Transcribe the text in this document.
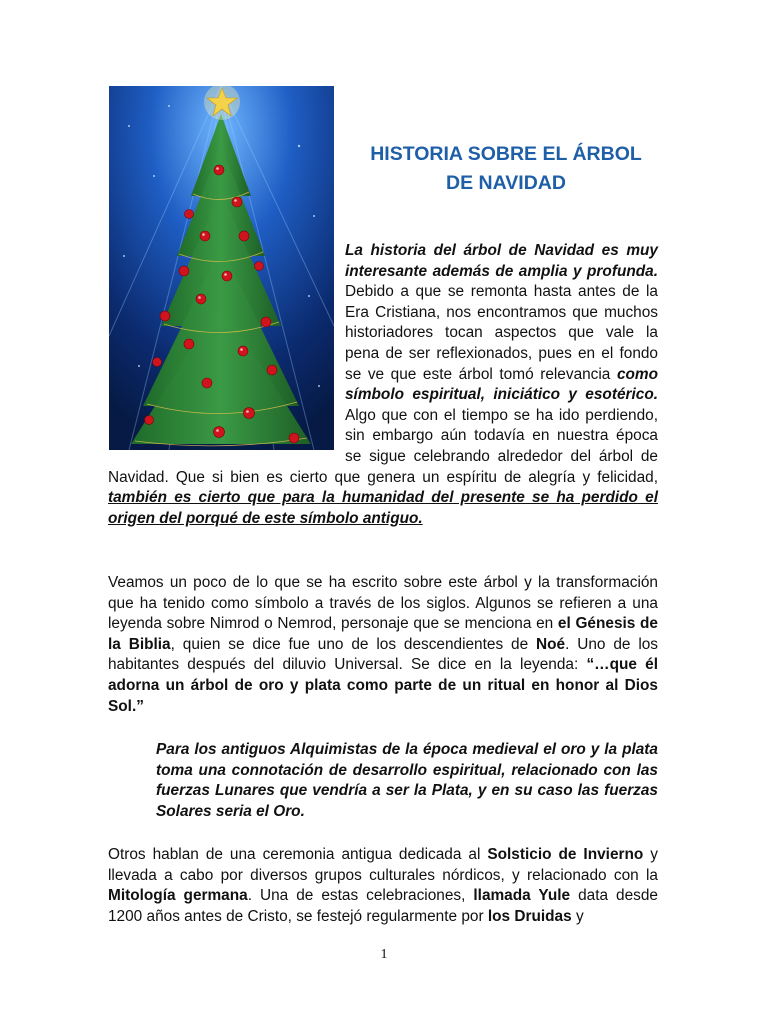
HISTORIA SOBRE EL ÁRBOL
DE NAVIDAD

La historia del árbol de Navidad es muy interesante además de amplia y profunda. Debido a que se remonta hasta antes de la Era Cristiana, nos encontramos que muchos historiadores tocan aspectos que vale la pena de ser reflexionados, pues en el fondo se ve que este árbol tomó relevancia como símbolo espiritual, iniciático y esotérico. Algo que con el tiempo se ha ido perdiendo, sin embargo aún todavía en nuestra época se sigue celebrando alrededor del árbol de Navidad. Que si bien es cierto que genera un espíritu de alegría y felicidad, también es cierto que para la humanidad del presente se ha perdido el origen del porqué de este símbolo antiguo.

Veamos un poco de lo que se ha escrito sobre este árbol y la transformación que ha tenido como símbolo a través de los siglos. Algunos se refieren a una leyenda sobre Nimrod o Nemrod, personaje que se menciona en el Génesis de la Biblia, quien se dice fue uno de los descendientes de Noé. Uno de los habitantes después del diluvio Universal. Se dice en la leyenda: “…que él adorna un árbol de oro y plata como parte de un ritual en honor al Dios Sol.”

Para los antiguos Alquimistas de la época medieval el oro y la plata toma una connotación de desarrollo espiritual, relacionado con las fuerzas Lunares que vendría a ser la Plata, y en su caso las fuerzas Solares seria el Oro.

Otros hablan de una ceremonia antigua dedicada al Solsticio de Invierno y llevada a cabo por diversos grupos culturales nórdicos, y relacionado con la Mitología germana. Una de estas celebraciones, llamada Yule data desde 1200 años antes de Cristo, se festejó regularmente por los Druidas y

1
